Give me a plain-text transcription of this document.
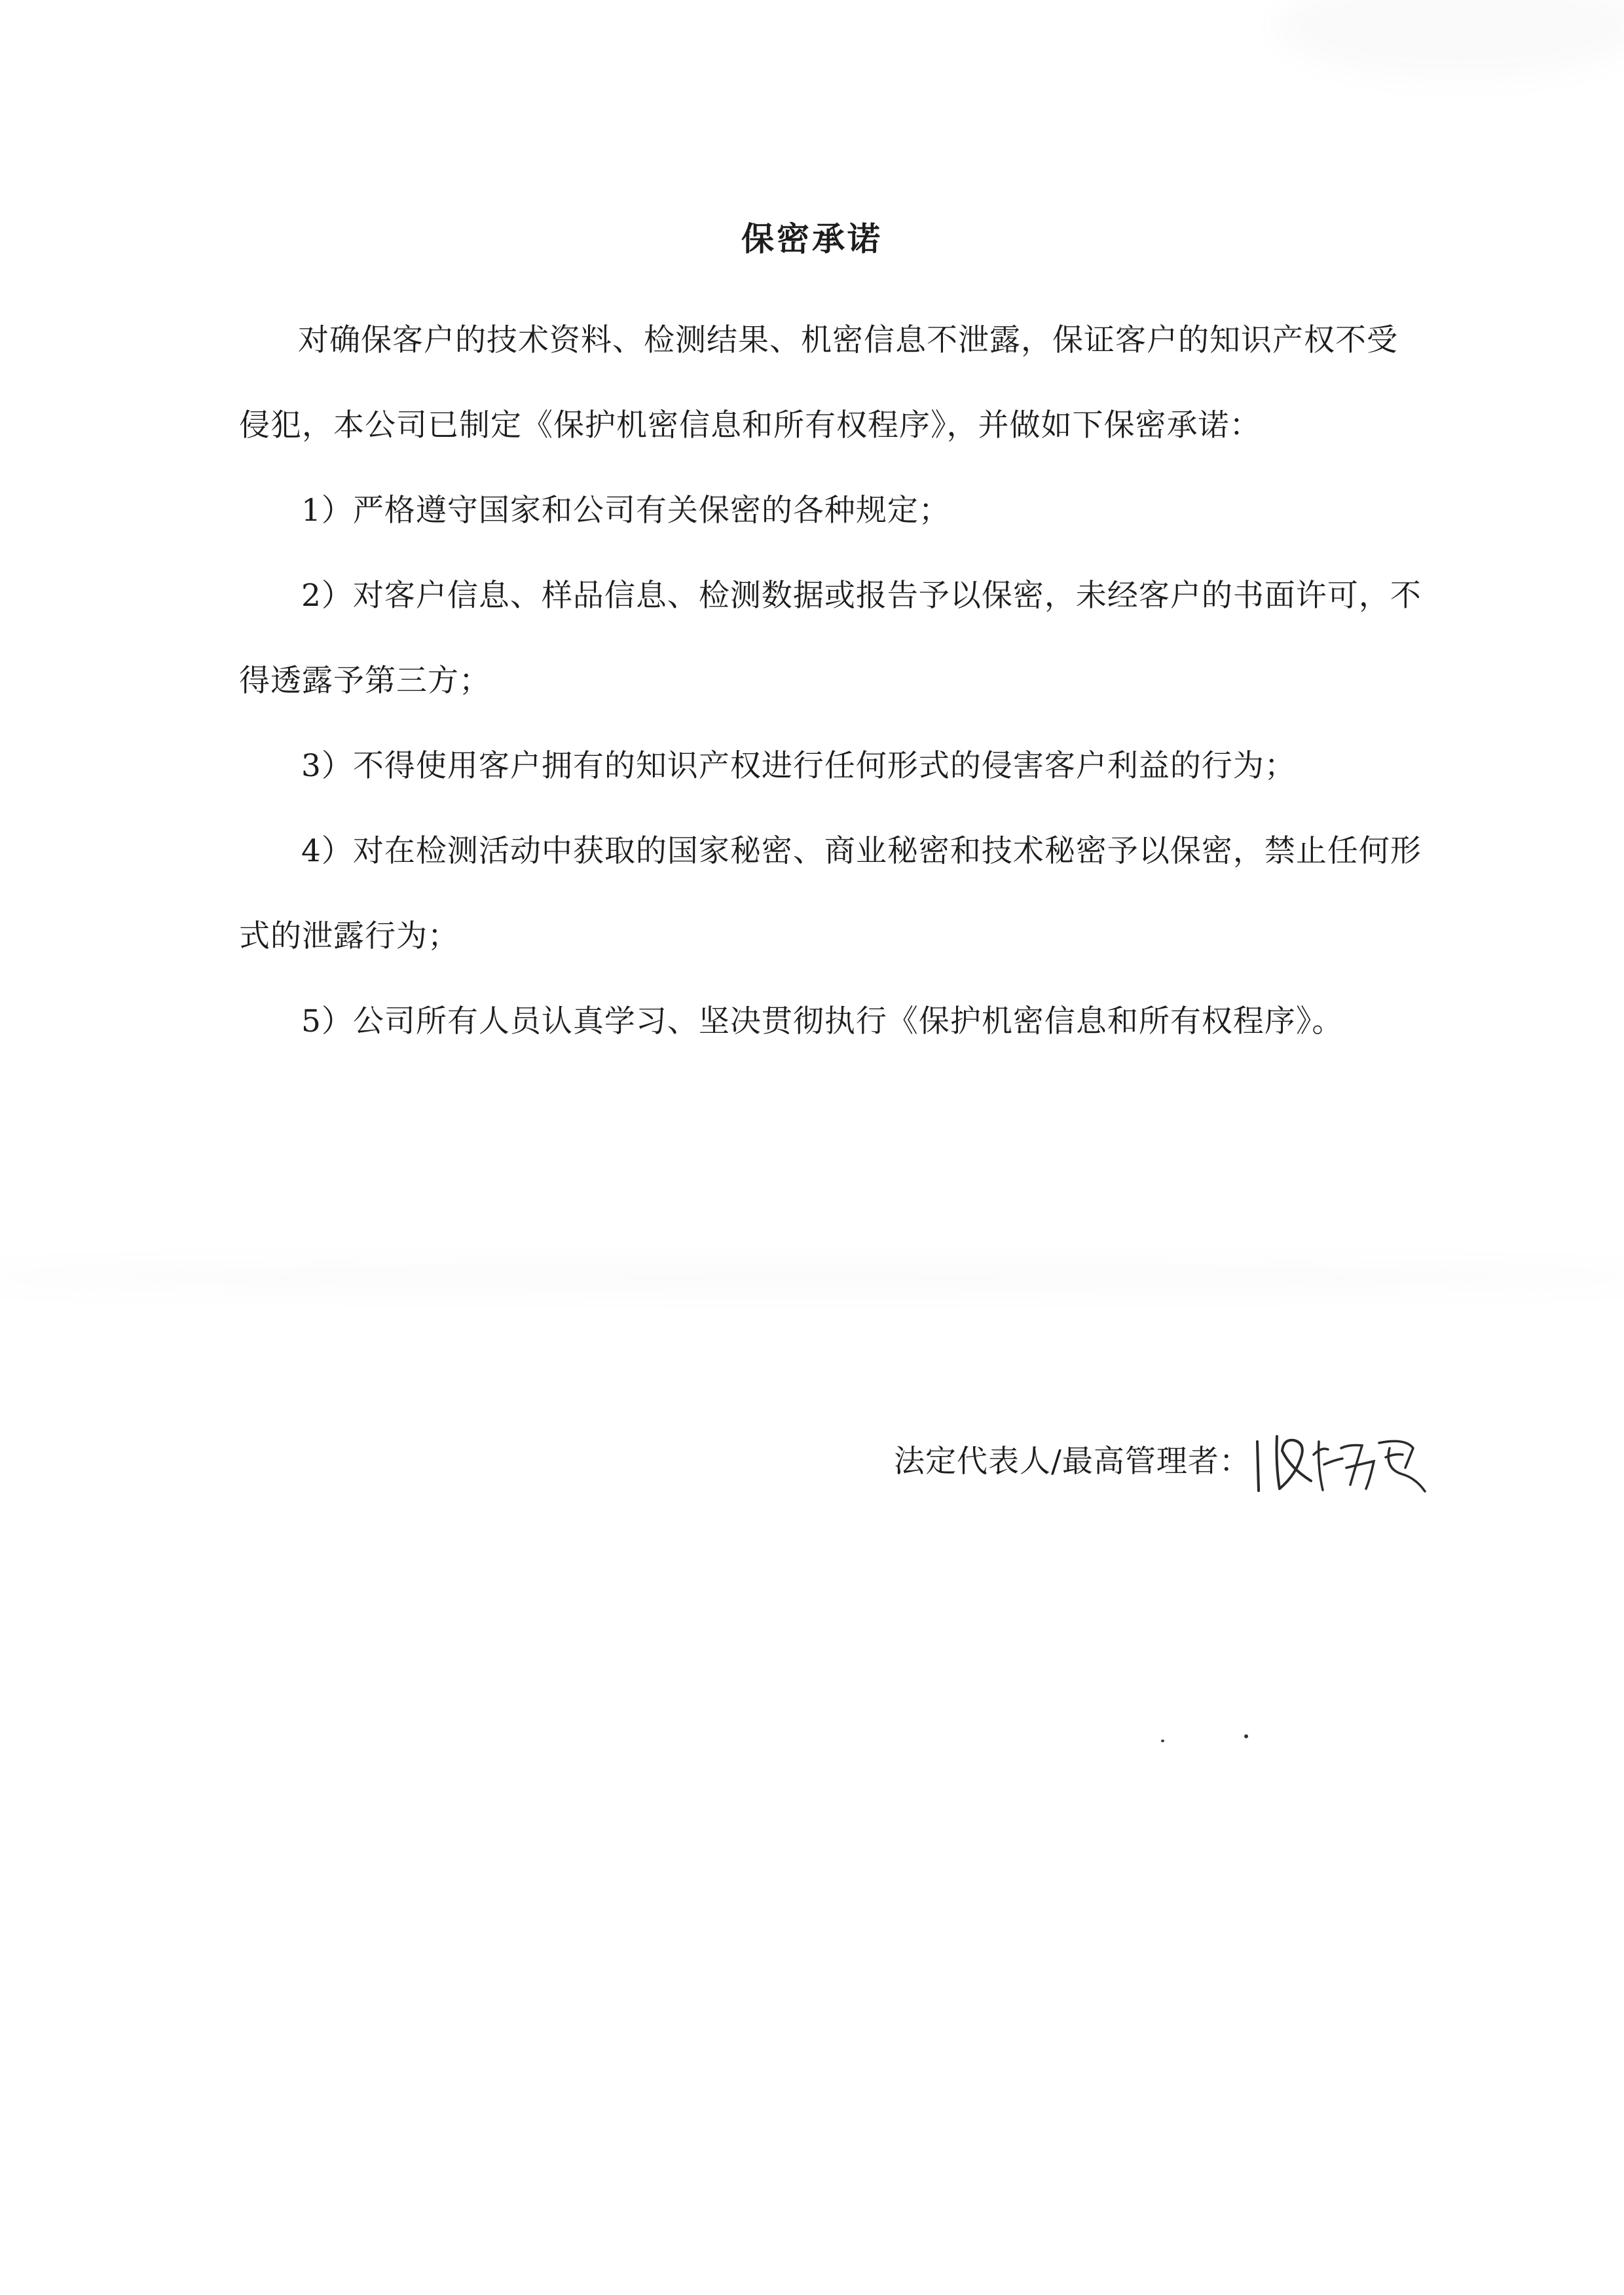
保密承诺
对确保客户的技术资料、检测结果、机密信息不泄露，保证客户的知识产权不受
侵犯，本公司已制定《保护机密信息和所有权程序》，并做如下保密承诺：
1）严格遵守国家和公司有关保密的各种规定；
2）对客户信息、样品信息、检测数据或报告予以保密，未经客户的书面许可，不
得透露予第三方；
3）不得使用客户拥有的知识产权进行任何形式的侵害客户利益的行为；
4）对在检测活动中获取的国家秘密、商业秘密和技术秘密予以保密，禁止任何形
式的泄露行为；
5）公司所有人员认真学习、坚决贯彻执行《保护机密信息和所有权程序》。
法定代表人/最高管理者：
